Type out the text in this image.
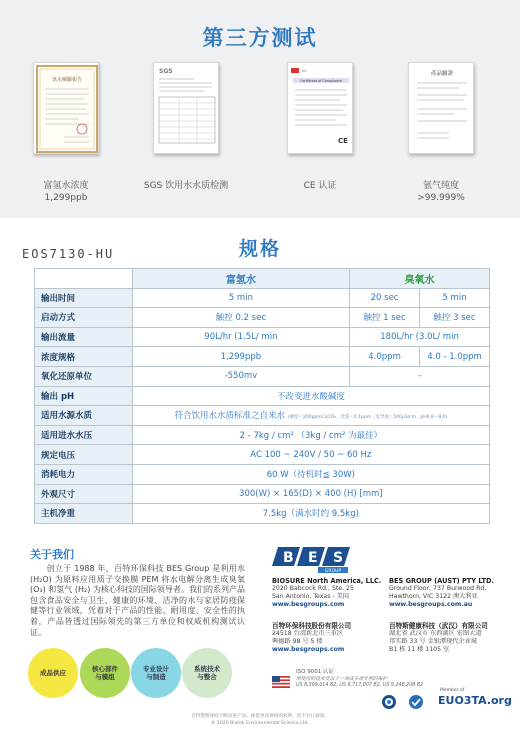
第三方测试
氫水檢驗報告
富氢水浓度
1,299ppb
SGS
SGS 饮用水水质检测
ITC
Certificate of Compliance
CE
CE 认证
產品驗證
氫气纯度
>99.999%
EOS7130-HU	规格
	富氢水	臭氧水	
输出时间	5 min	20 sec	5 min
启动方式	触控 0.2 sec	触控 1 sec	触控 3 sec
输出流量	90L/hr (1.5L/ min	180L/hr (3.0L/ min	
浓度规格	1,299ppb	4.0ppm	4.0 - 1.0ppm
氧化还原单位	-550mv	-	
输出 pH	不改变进水酸碱度		
适用水源水质	符合饮用水水质标准之自来水 (硬度＜200ppmCaCO₃ , 余氯＜0.1ppm , 电导度＜500μS/cm , pH6.8～8.0)		
适用进水水压	2 - 7kg / cm² （3kg / cm² 为最佳）		
规定电压	AC 100 ~ 240V / 50 ~ 60 Hz		
消耗电力	60 W（待机时≦ 30W)		
外观尺寸	300(W) × 165(D) × 400 (H) [mm]		
主机净重	7.5kg（满水时约 9.5kg)		
关于我们
　　创立于 1988 年，百特环保科技 BES Group 是利用水 (H₂O) 为原料应用质子交换膜 PEM 将水电解分离生成臭氧 (O₃) 和氢气 (H₂) 为核心科技的国际领导者。我们的系列产品包含食品安全与卫生、健康的环境、洁净的水与家居防疫保健等行业领域，凭着对于产品的性能、耐用度、安全性的执着，产品皆透过国际领先的第三方单位和权威机构测试认证。
成品供应	核心部件
与模组
专业设计
与制造
系统技术
与整合
B E S
GROUP
BIOSURE North America, LLC.
2020 Babcock Rd., Ste. 25
San Antonio, Texas - 美国
www.besgroups.com
BES GROUP (AUST) PTY LTD.
Ground Floor, 737 Burwood Rd,
Hawthorn, VIC 3122 澳大利亚
www.besgroups.com.au
百特环保科技股份有限公司
24518 台湾新北市三重区
興德路 98 号 5 楼
www.besgroups.com
百特斯健康科技（武汉）有限公司
湖北省 武汉市 东西湖区 宏图大道
邦实路 33 号 金银潭现代企业城
B1 栋 11 楼 1105 室
ISO 9001 认证
所使用的技术受以下一项或多项专利的保护
US 8,399,014 B2, US 9,717,007 B2, US 9,248,208 B2
Member of
EUO3TA.org
百特製图保持不断改进产品、保留更改规格的权利，恕不另行通知。
© 2020 Biotek Environmental Science Ltd.
